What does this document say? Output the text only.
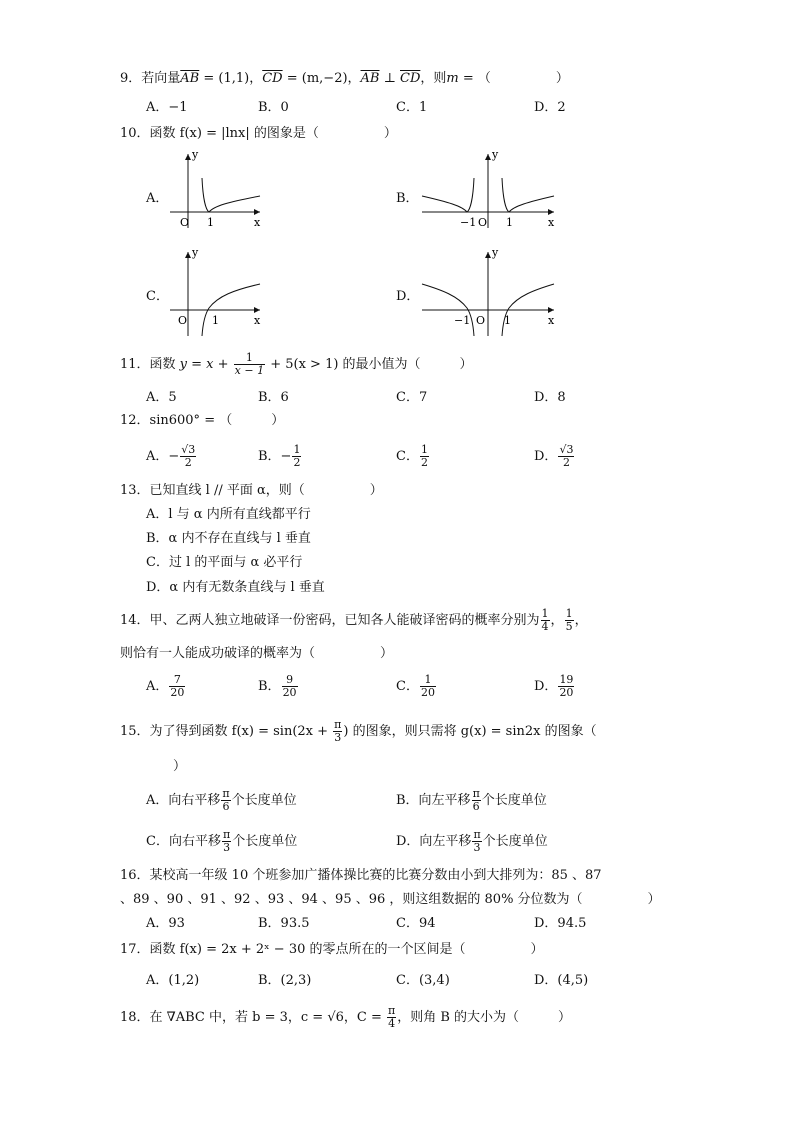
9．若向量$\overline{AB} = (1,1)$，$\overline{CD} = (m,-2)$，$\overline{AB}$ ⊥ $\overline{CD}$，则m = （　　　　　）
A．−1	B．0	C．1	D．2
10．函数 f(x) = |lnx| 的图象是（　　　　　）
A．
y
O 1	x
B．
y
−1 O 1	x
C．
y
O 1	x
D．
y
−1 O 1	x
11．函数 $y = x + \frac{1}{x - 1} + 5(x > 1)$ 的最小值为（　　　）
A．5	B．6	C．7	D．8
12．sin600° = （　　　）
A．− $\frac{√3}{2}$	B．− $\frac{1}{2}$	C． $\frac{1}{2}$	D． $\frac{√3}{2}$
13．已知直线 l // 平面 α，则（　　　　　）
A．l 与 α 内所有直线都平行
B．α 内不存在直线与 l 垂直
C．过 l 的平面与 α 必平行
D．α 内有无数条直线与 l 垂直
14．甲、乙两人独立地破译一份密码，已知各人能破译密码的概率分别为 $\frac{1}{4}$ ， $\frac{1}{5}$ ，
则恰有一人能成功破译的概率为（　　　　　）
A． $\frac{7}{20}$	B． $\frac{9}{20}$	C． $\frac{1}{20}$	D． $\frac{19}{20}$
15．为了得到函数 $f(x) = \sin(2x + \frac{\pi}{3}$ ) 的图象，则只需将 g(x) = sin2x 的图象（
　）
A．向右平移 $\frac{\pi}{6}$ 个长度单位	B．向左平移 $\frac{\pi}{6}$ 个长度单位
C．向右平移 $\frac{\pi}{3}$ 个长度单位	D．向左平移 $\frac{\pi}{3}$ 个长度单位
16．某校高一年级 10 个班参加广播体操比赛的比赛分数由小到大排列为：85 、87
、89 、90 、91 、92 、93 、94 、95 、96 ，则这组数据的 80% 分位数为（　　　　　）
A．93	B．93.5	C．94	D．94.5
17．函数 f(x) = 2x + 2ˣ − 30 的零点所在的一个区间是（　　　　　）
A．(1,2)	B．(2,3)	C．(3,4)	D．(4,5)
18．在 ∇ABC 中，若 b = 3，c = √6，$C = \frac{\pi}{4}$ ，则角 B 的大小为（　　　）
